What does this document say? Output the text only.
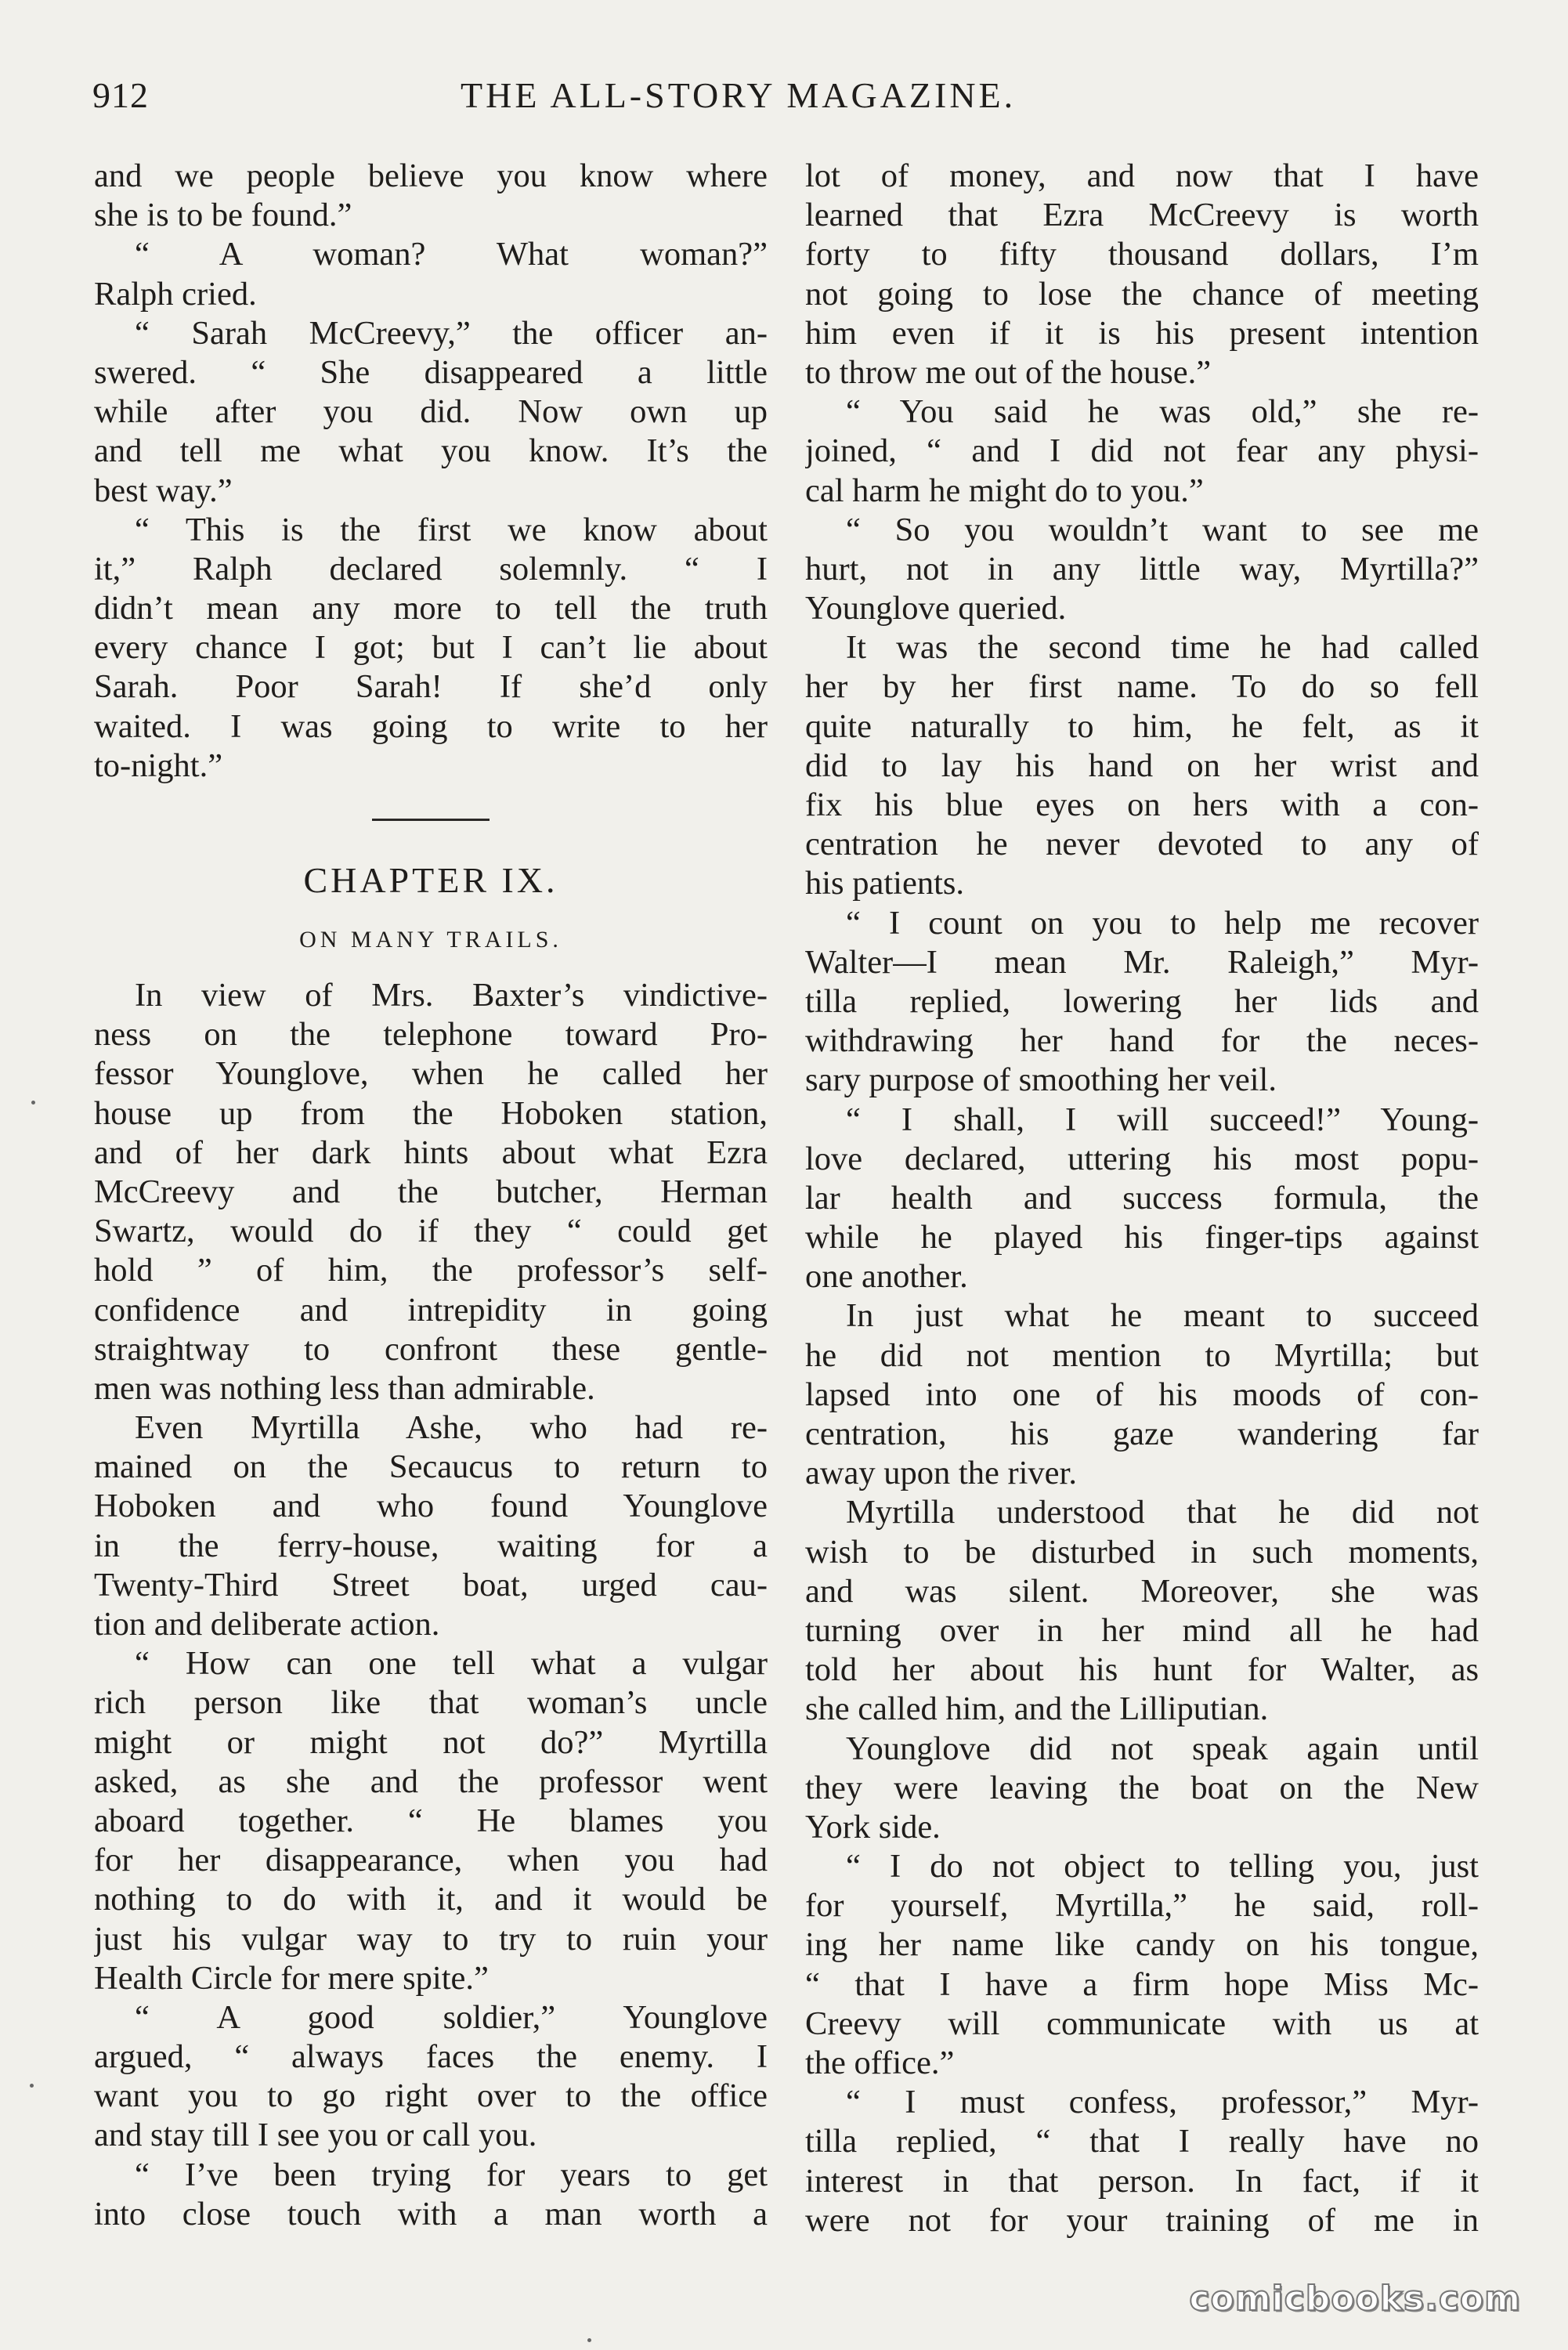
912	THE ALL-STORY MAGAZINE.
and we people believe you know where
she is to be found.”
“ A woman? What woman?”
Ralph cried.
“ Sarah McCreevy,” the officer an-
swered. “ She disappeared a little
while after you did. Now own up
and tell me what you know. It’s the
best way.”
“ This is the first we know about
it,” Ralph declared solemnly. “ I
didn’t mean any more to tell the truth
every chance I got; but I can’t lie about
Sarah. Poor Sarah! If she’d only
waited. I was going to write to her
to-night.”
CHAPTER IX.
ON MANY TRAILS.
In view of Mrs. Baxter’s vindictive-
ness on the telephone toward Pro-
fessor Younglove, when he called her
house up from the Hoboken station,
and of her dark hints about what Ezra
McCreevy and the butcher, Herman
Swartz, would do if they “ could get
hold ” of him, the professor’s self-
confidence and intrepidity in going
straightway to confront these gentle-
men was nothing less than admirable.
Even Myrtilla Ashe, who had re-
mained on the Secaucus to return to
Hoboken and who found Younglove
in the ferry-house, waiting for a
Twenty-Third Street boat, urged cau-
tion and deliberate action.
“ How can one tell what a vulgar
rich person like that woman’s uncle
might or might not do?” Myrtilla
asked, as she and the professor went
aboard together. “ He blames you
for her disappearance, when you had
nothing to do with it, and it would be
just his vulgar way to try to ruin your
Health Circle for mere spite.”
“ A good soldier,” Younglove
argued, “ always faces the enemy. I
want you to go right over to the office
and stay till I see you or call you.
“ I’ve been trying for years to get
into close touch with a man worth a
lot of money, and now that I have
learned that Ezra McCreevy is worth
forty to fifty thousand dollars, I’m
not going to lose the chance of meeting
him even if it is his present intention
to throw me out of the house.”
“ You said he was old,” she re-
joined, “ and I did not fear any physi-
cal harm he might do to you.”
“ So you wouldn’t want to see me
hurt, not in any little way, Myrtilla?”
Younglove queried.
It was the second time he had called
her by her first name. To do so fell
quite naturally to him, he felt, as it
did to lay his hand on her wrist and
fix his blue eyes on hers with a con-
centration he never devoted to any of
his patients.
“ I count on you to help me recover
Walter—I mean Mr. Raleigh,” Myr-
tilla replied, lowering her lids and
withdrawing her hand for the neces-
sary purpose of smoothing her veil.
“ I shall, I will succeed!” Young-
love declared, uttering his most popu-
lar health and success formula, the
while he played his finger-tips against
one another.
In just what he meant to succeed
he did not mention to Myrtilla; but
lapsed into one of his moods of con-
centration, his gaze wandering far
away upon the river.
Myrtilla understood that he did not
wish to be disturbed in such moments,
and was silent. Moreover, she was
turning over in her mind all he had
told her about his hunt for Walter, as
she called him, and the Lilliputian.
Younglove did not speak again until
they were leaving the boat on the New
York side.
“ I do not object to telling you, just
for yourself, Myrtilla,” he said, roll-
ing her name like candy on his tongue,
“ that I have a firm hope Miss Mc-
Creevy will communicate with us at
the office.”
“ I must confess, professor,” Myr-
tilla replied, “ that I really have no
interest in that person. In fact, if it
were not for your training of me in
comicbooks.com
